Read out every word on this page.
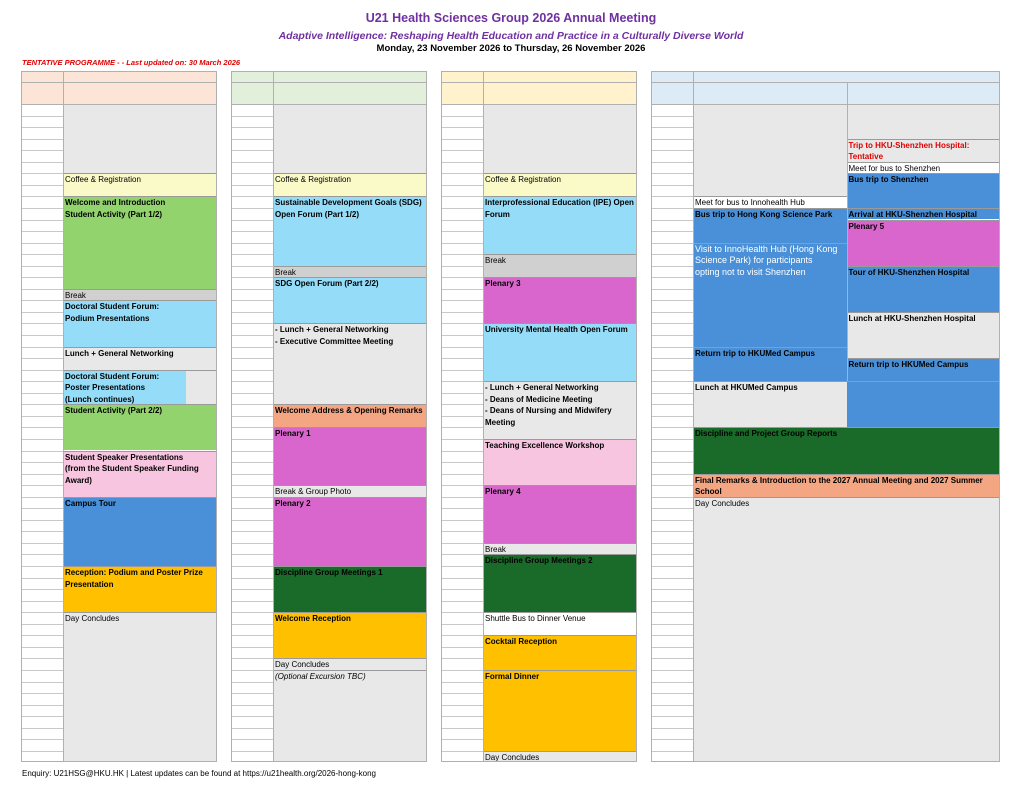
U21 Health Sciences Group 2026 Annual Meeting
Adaptive Intelligence: Reshaping Health Education and Practice in a Culturally Diverse World
Monday, 23 November 2026 to Thursday, 26 November 2026
TENTATIVE PROGRAMME - - Last updated on: 30 March 2026
Coffee & Registration
Welcome and Introduction
Student Activity (Part 1/2)
Break
Doctoral Student Forum:
Podium Presentations
Lunch + General Networking
Doctoral Student Forum:
Poster Presentations
(Lunch continues)
Student Activity (Part 2/2)
Student Speaker Presentations
(from the Student Speaker Funding
Award)
Campus Tour
Reception: Podium and Poster Prize
Presentation
Day Concludes
Coffee & Registration
Sustainable Development Goals (SDG)
Open Forum (Part 1/2)
Break
SDG Open Forum (Part 2/2)
- Lunch + General Networking
- Executive Committee Meeting
Welcome Address & Opening Remarks
Plenary 1
Break & Group Photo
Plenary 2
Discipline Group Meetings 1
Welcome Reception
Day Concludes
(Optional Excursion TBC)
Coffee & Registration
Interprofessional Education (IPE) Open
Forum
Break
Plenary 3
University Mental Health Open Forum
- Lunch + General Networking
- Deans of Medicine Meeting
- Deans of Nursing and Midwifery
Meeting
Teaching Excellence Workshop
Plenary 4
Break
Discipline Group Meetings 2
Shuttle Bus to Dinner Venue
Cocktail Reception
Formal Dinner
Day Concludes
Meet for bus to Innohealth Hub
Bus trip to Hong Kong Science Park
Visit to InnoHealth Hub (Hong Kong
Science Park) for participants
opting not to visit Shenzhen
Return trip to HKUMed Campus
Trip to HKU-Shenzhen Hospital: Tentative
Meet for bus to Shenzhen
Bus trip to Shenzhen
Arrival at HKU-Shenzhen Hospital
Plenary 5
Tour of HKU-Shenzhen Hospital
Lunch at HKU-Shenzhen Hospital
Return trip to HKUMed Campus
Lunch at HKUMed Campus
Discipline and Project Group Reports
Final Remarks & Introduction to the 2027 Annual Meeting and 2027 Summer
School
Day Concludes
Enquiry: U21HSG@HKU.HK | Latest updates can be found at https://u21health.org/2026-hong-kong
